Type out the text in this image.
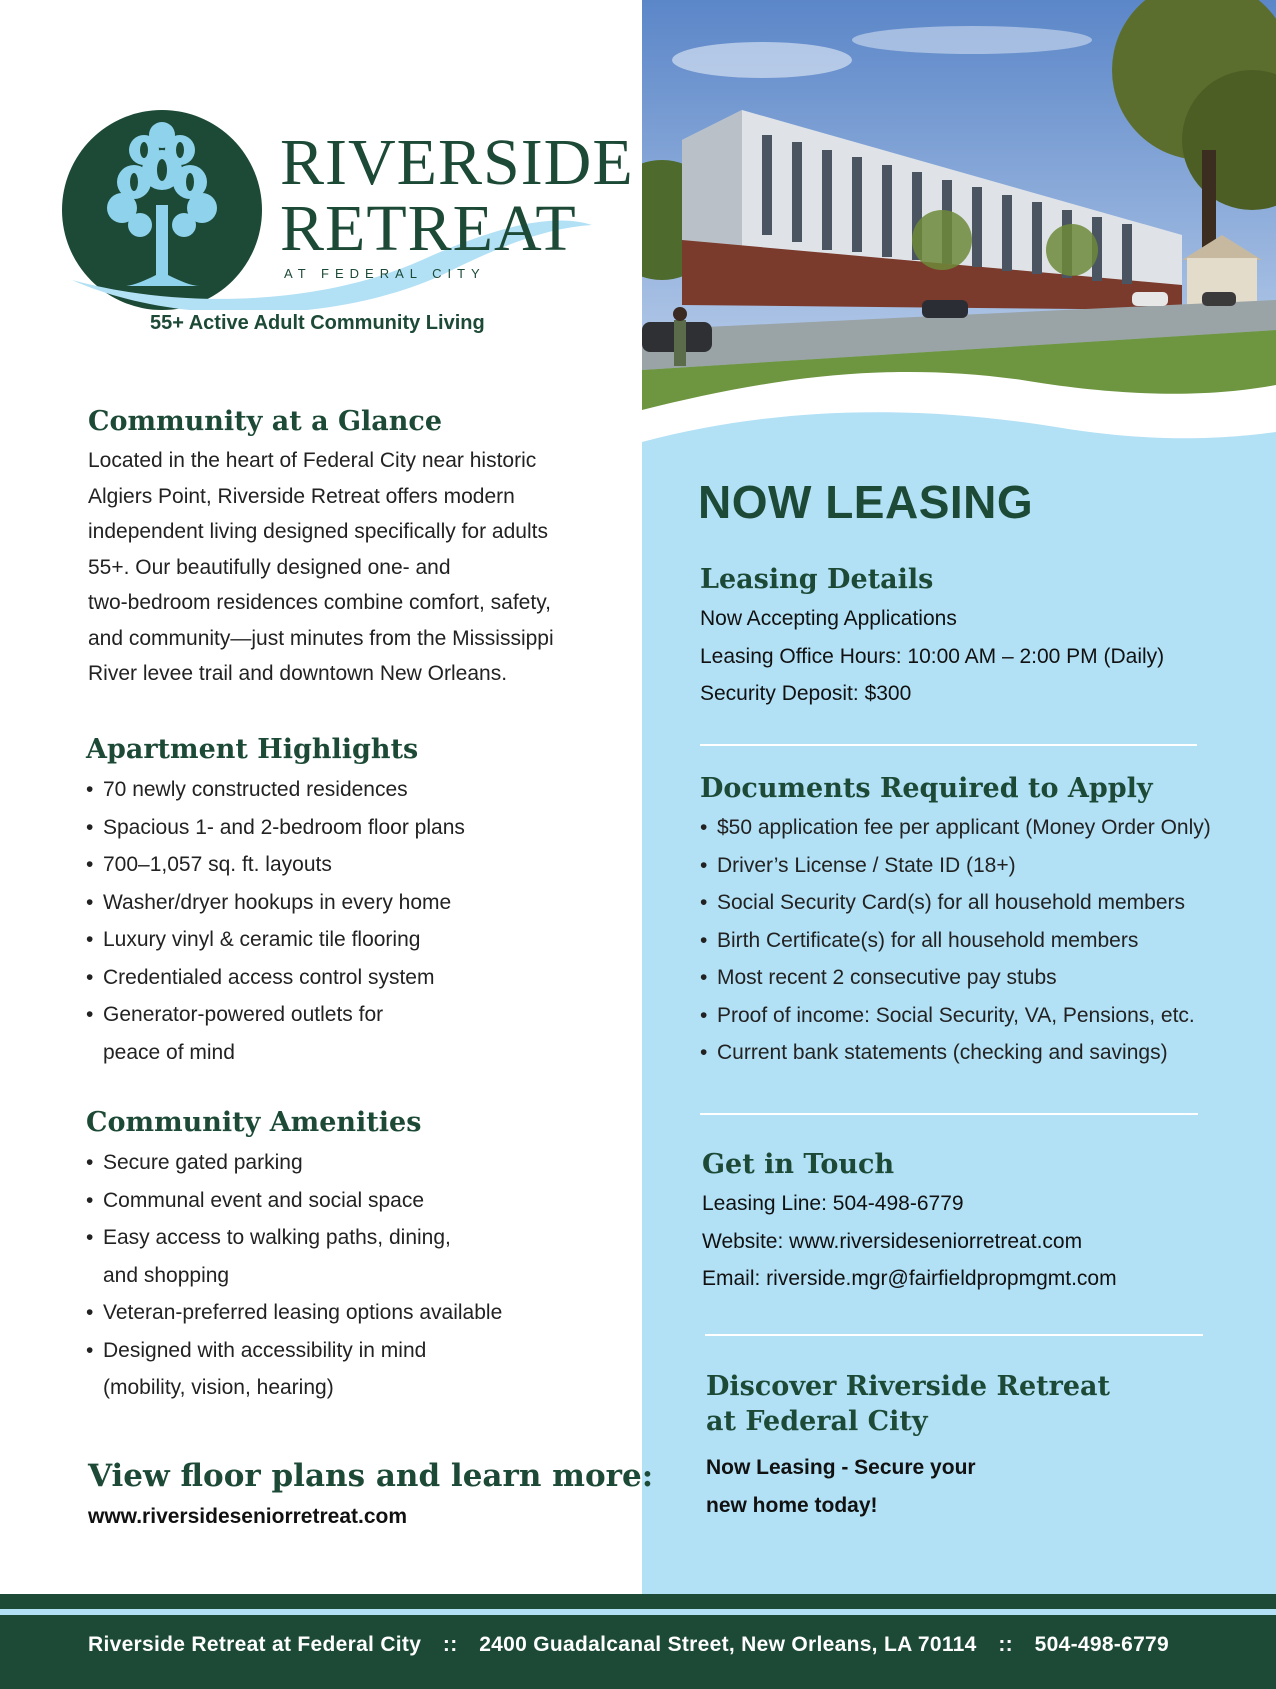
RIVERSIDE
RETREAT
AT FEDERAL CITY
55+ Active Adult Community Living
Community at a Glance
Located in the heart of Federal City near historic
Algiers Point, Riverside Retreat offers modern
independent living designed specifically for adults
55+. Our beautifully designed one- and
two-bedroom residences combine comfort, safety,
and community—just minutes from the Mississippi
River levee trail and downtown New Orleans.
Apartment Highlights
• 70 newly constructed residences
• Spacious 1- and 2-bedroom floor plans
• 700–1,057 sq. ft. layouts
• Washer/dryer hookups in every home
• Luxury vinyl & ceramic tile flooring
• Credentialed access control system
• Generator-powered outlets for
peace of mind
Community Amenities
• Secure gated parking
• Communal event and social space
• Easy access to walking paths, dining,
and shopping
• Veteran-preferred leasing options available
• Designed with accessibility in mind
(mobility, vision, hearing)
View floor plans and learn more:
www.riversideseniorretreat.com
NOW LEASING
Leasing Details
Now Accepting Applications
Leasing Office Hours: 10:00 AM – 2:00 PM (Daily)
Security Deposit: $300
Documents Required to Apply
• $50 application fee per applicant (Money Order Only)
• Driver’s License / State ID (18+)
• Social Security Card(s) for all household members
• Birth Certificate(s) for all household members
• Most recent 2 consecutive pay stubs
• Proof of income: Social Security, VA, Pensions, etc.
• Current bank statements (checking and savings)
Get in Touch
Leasing Line: 504-498-6779
Website: www.riversideseniorretreat.com
Email: riverside.mgr@fairfieldpropmgmt.com
Discover Riverside Retreat
at Federal City
Now Leasing - Secure your
new home today!
Riverside Retreat at Federal City :: 2400 Guadalcanal Street, New Orleans, LA 70114 :: 504-498-6779
